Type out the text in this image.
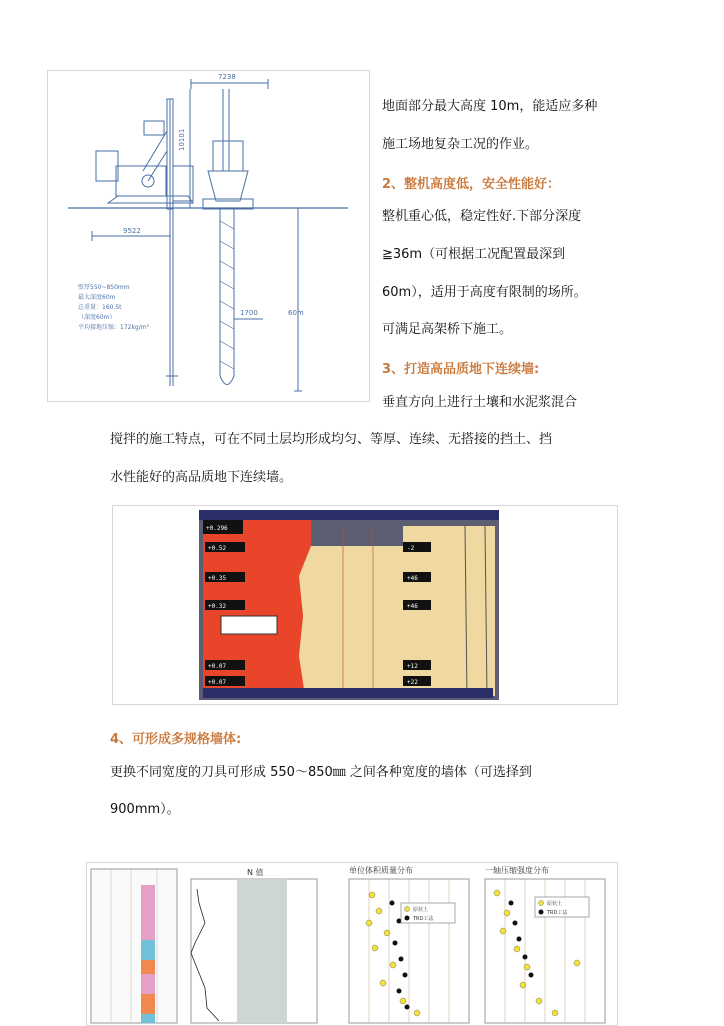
7238
10101
9522
1700	60m
壁厚550~850mm
最大深度60m
总重量：160.5t
（深度60m）
平均接地压强：172kg/m²
地面部分最大高度 10m，能适应多种
施工场地复杂工况的作业。
2、整机高度低，安全性能好：
整机重心低，稳定性好.下部分深度
≧36m（可根据工况配置最深到
60m），适用于高度有限制的场所。
可满足高架桥下施工。
3、打造高品质地下连续墙:
垂直方向上进行土壤和水泥浆混合
搅拌的施工特点，可在不同土层均形成均匀、等厚、连续、无搭接的挡土、挡
水性能好的高品质地下连续墙。
+0.296
+0.52
+0.35
+0.32
+0.07
+0.07
-2
+46
+12
+22
+46
4、可形成多规格墙体:
更换不同宽度的刀具可形成 550～850㎜ 之间各种宽度的墙体（可选择到
900mm）。
N 值	单位体积质量分布
原状土
TRD工法
一轴压缩强度分布
原状土
TRD工法
